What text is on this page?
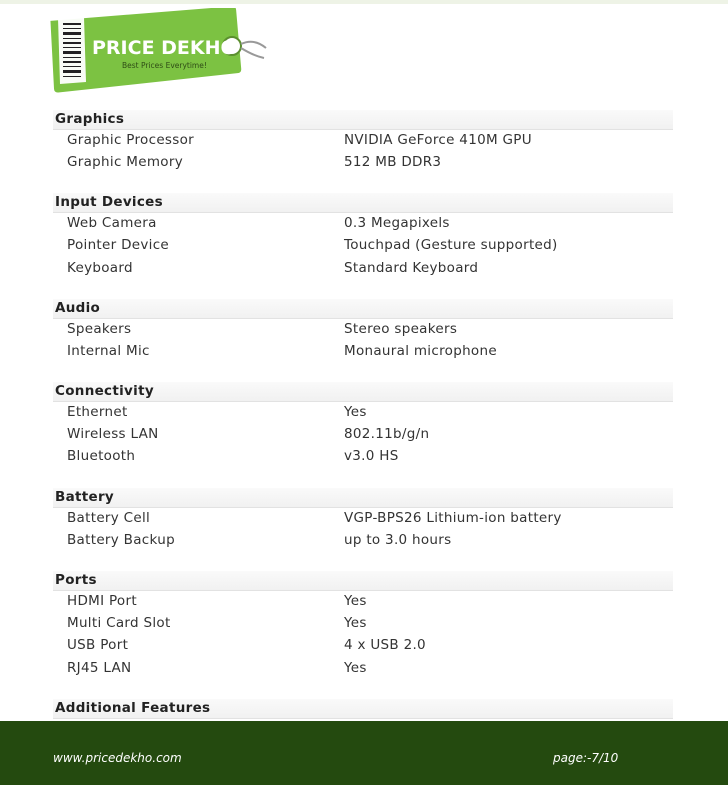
PRICE DEKHO
Best Prices Everytime!
Graphics
Graphic Processor	NVIDIA GeForce 410M GPU
Graphic Memory	512 MB DDR3
Input Devices
Web Camera	0.3 Megapixels
Pointer Device	Touchpad (Gesture supported)
Keyboard	Standard Keyboard
Audio
Speakers	Stereo speakers
Internal Mic	Monaural microphone
Connectivity
Ethernet	Yes
Wireless LAN	802.11b/g/n
Bluetooth	v3.0 HS
Battery
Battery Cell	VGP-BPS26 Lithium-ion battery
Battery Backup	up to 3.0 hours
Ports
HDMI Port	Yes
Multi Card Slot	Yes
USB Port	4 x USB 2.0
RJ45 LAN	Yes
Additional Features
www.pricedekho.com	page:-7/10
